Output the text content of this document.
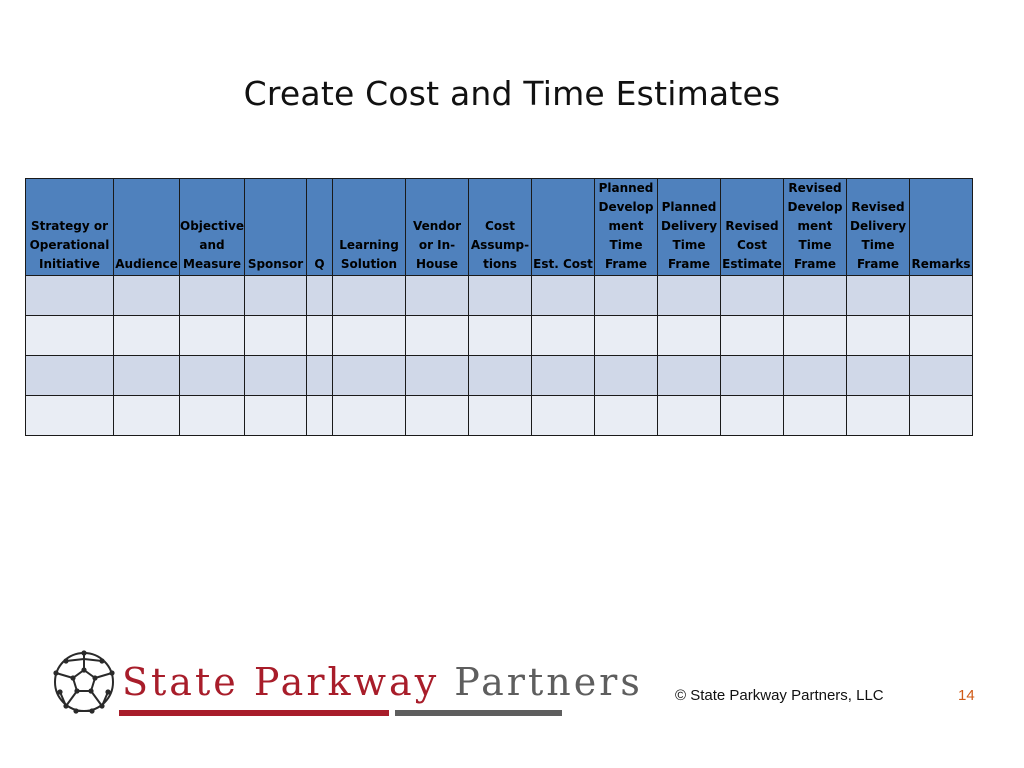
Create Cost and Time Estimates
Strategy or
Operational
Initiative	Audience	Objective
and
Measure	Sponsor	Q	Learning
Solution	Vendor
or In-
House	Cost
Assump-
tions	Est. Cost	Planned
Develop
ment
Time
Frame	Planned
Delivery
Time
Frame	Revised
Cost
Estimate	Revised
Develop
ment
Time
Frame	Revised
Delivery
Time
Frame	Remarks

State Parkway Partners © State Parkway Partners, LLC	14
